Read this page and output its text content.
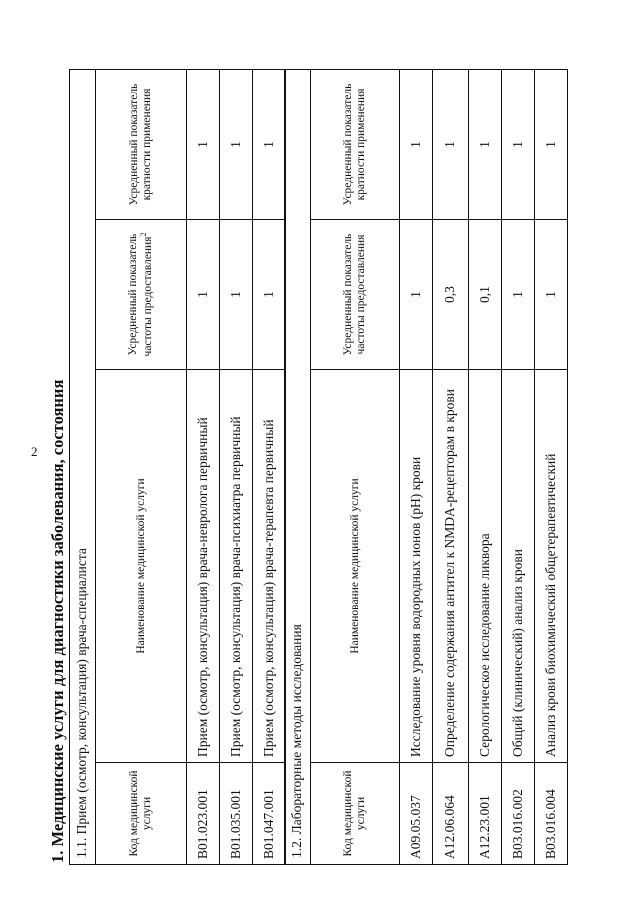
2 1. Медицинские услуги для диагностики заболевания, состояния 1.1. Прием (осмотр, консультация) врача-специалиста			
Код медицинской услуги	Наименование медицинской услуги	Усредненный показатель частоты предоставления$^2$	Усредненный показатель кратности применения
B01.023.001	Прием (осмотр, консультация) врача-невролога первичный	1	1
B01.035.001	Прием (осмотр, консультация) врача-психиатра первичный	1	1
B01.047.001	Прием (осмотр, консультация) врача-терапевта первичный	1	1
1.2. Лабораторные методы исследования			
Код медицинской услуги	Наименование медицинской услуги	Усредненный показатель частоты предоставления	Усредненный показатель кратности применения
A09.05.037	Исследование уровня водородных ионов (pH) крови	1	1
A12.06.064	Определение содержания антител к NMDA-рецепторам в крови	0,3	1
A12.23.001	Серологическое исследование ликвора	0,1	1
B03.016.002	Общий (клинический) анализ крови	1	1
B03.016.004	Анализ крови биохимический общетерапевтический	1	1
